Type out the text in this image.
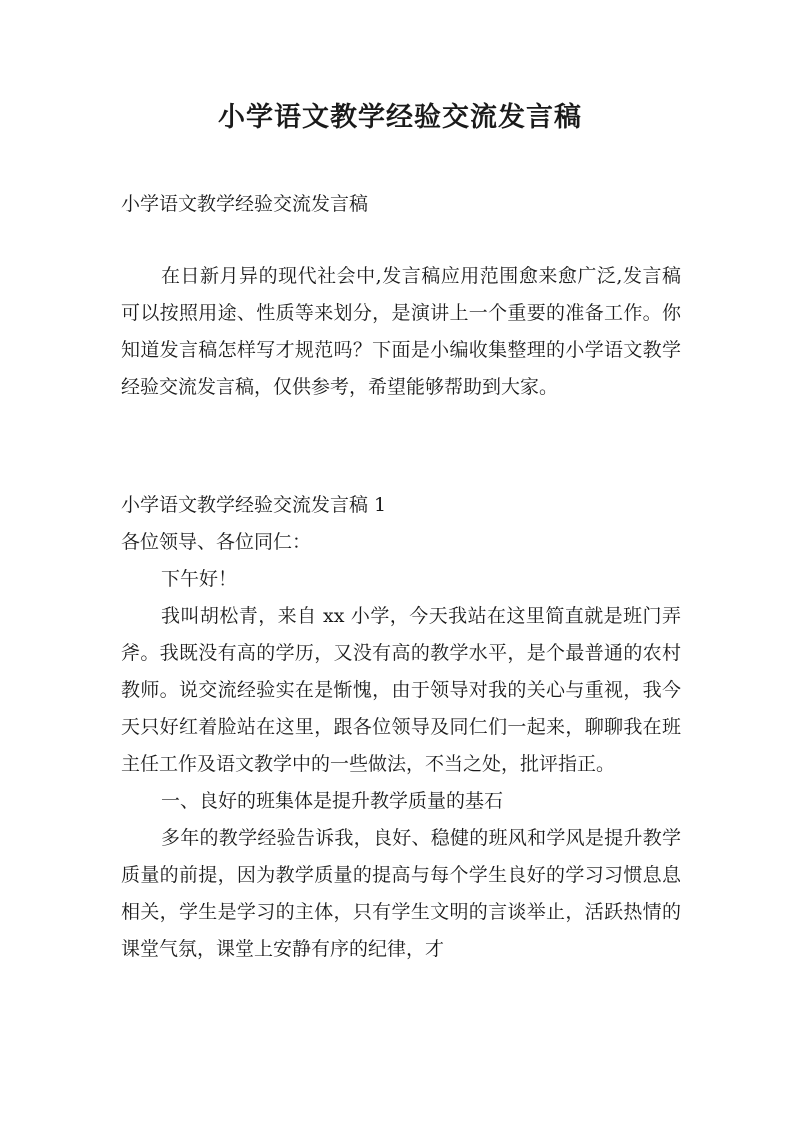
小学语文教学经验交流发言稿

小学语文教学经验交流发言稿

在日新月异的现代社会中,发言稿应用范围愈来愈广泛,发言稿可以按照用途、性质等来划分，是演讲上一个重要的准备工作。你知道发言稿怎样写才规范吗？下面是小编收集整理的小学语文教学经验交流发言稿，仅供参考，希望能够帮助到大家。

小学语文教学经验交流发言稿 1

各位领导、各位同仁：

下午好！

我叫胡松青，来自 xx 小学，今天我站在这里简直就是班门弄斧。我既没有高的学历，又没有高的教学水平，是个最普通的农村教师。说交流经验实在是惭愧，由于领导对我的关心与重视，我今天只好红着脸站在这里，跟各位领导及同仁们一起来，聊聊我在班主任工作及语文教学中的一些做法，不当之处，批评指正。

一、良好的班集体是提升教学质量的基石

多年的教学经验告诉我，良好、稳健的班风和学风是提升教学质量的前提，因为教学质量的提高与每个学生良好的学习习惯息息相关，学生是学习的主体，只有学生文明的言谈举止，活跃热情的课堂气氛，课堂上安静有序的纪律，才
